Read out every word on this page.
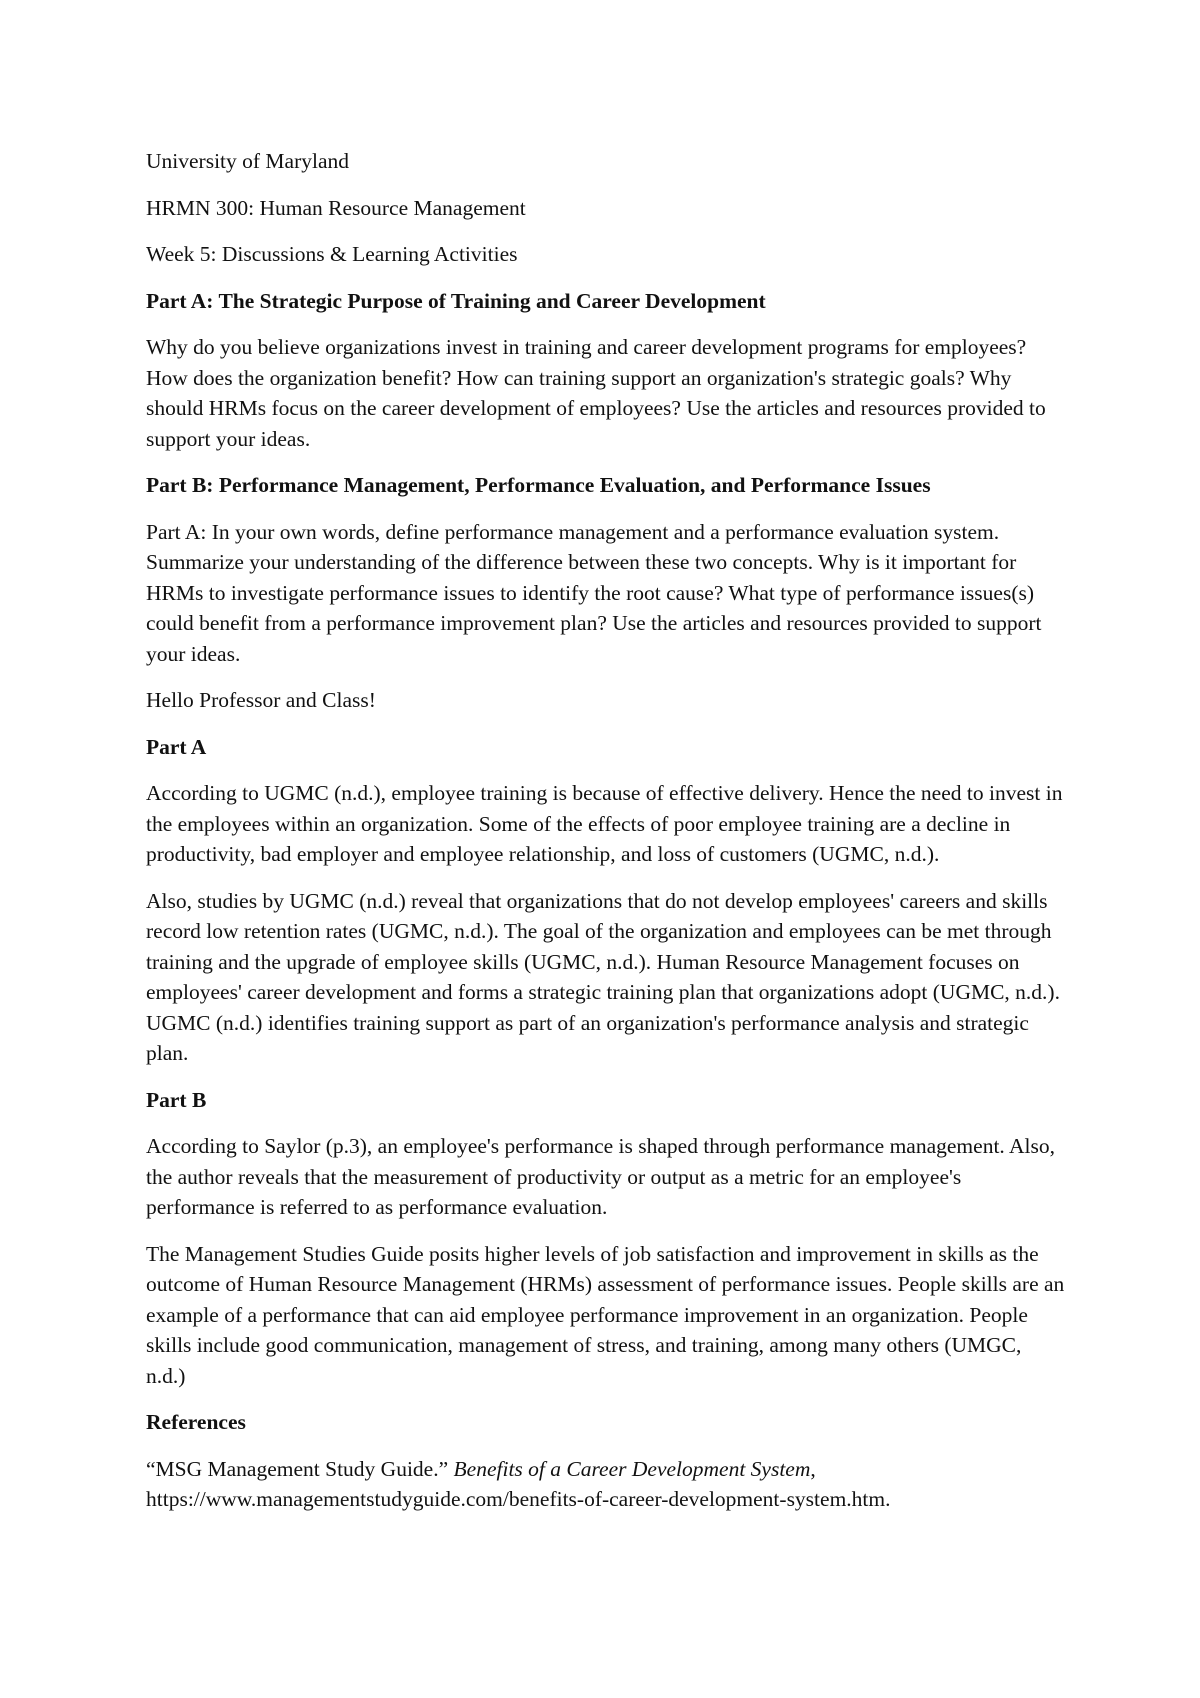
University of Maryland

HRMN 300: Human Resource Management

Week 5: Discussions & Learning Activities

Part A: The Strategic Purpose of Training and Career Development

Why do you believe organizations invest in training and career development programs for employees? How does the organization benefit? How can training support an organization's strategic goals? Why should HRMs focus on the career development of employees? Use the articles and resources provided to support your ideas.

Part B: Performance Management, Performance Evaluation, and Performance Issues

Part A: In your own words, define performance management and a performance evaluation system. Summarize your understanding of the difference between these two concepts. Why is it important for HRMs to investigate performance issues to identify the root cause? What type of performance issues(s) could benefit from a performance improvement plan? Use the articles and resources provided to support your ideas.

Hello Professor and Class!

Part A

According to UGMC (n.d.), employee training is because of effective delivery. Hence the need to invest in the employees within an organization. Some of the effects of poor employee training are a decline in productivity, bad employer and employee relationship, and loss of customers (UGMC, n.d.).

Also, studies by UGMC (n.d.) reveal that organizations that do not develop employees' careers and skills record low retention rates (UGMC, n.d.). The goal of the organization and employees can be met through training and the upgrade of employee skills (UGMC, n.d.). Human Resource Management focuses on employees' career development and forms a strategic training plan that organizations adopt (UGMC, n.d.). UGMC (n.d.) identifies training support as part of an organization's performance analysis and strategic plan.

Part B

According to Saylor (p.3), an employee's performance is shaped through performance management. Also, the author reveals that the measurement of productivity or output as a metric for an employee's performance is referred to as performance evaluation.

The Management Studies Guide posits higher levels of job satisfaction and improvement in skills as the outcome of Human Resource Management (HRMs) assessment of performance issues. People skills are an example of a performance that can aid employee performance improvement in an organization. People skills include good communication, management of stress, and training, among many others (UMGC, n.d.)

References

“MSG Management Study Guide.” Benefits of a Career Development System,
https://www.managementstudyguide.com/benefits-of-career-development-system.htm.
